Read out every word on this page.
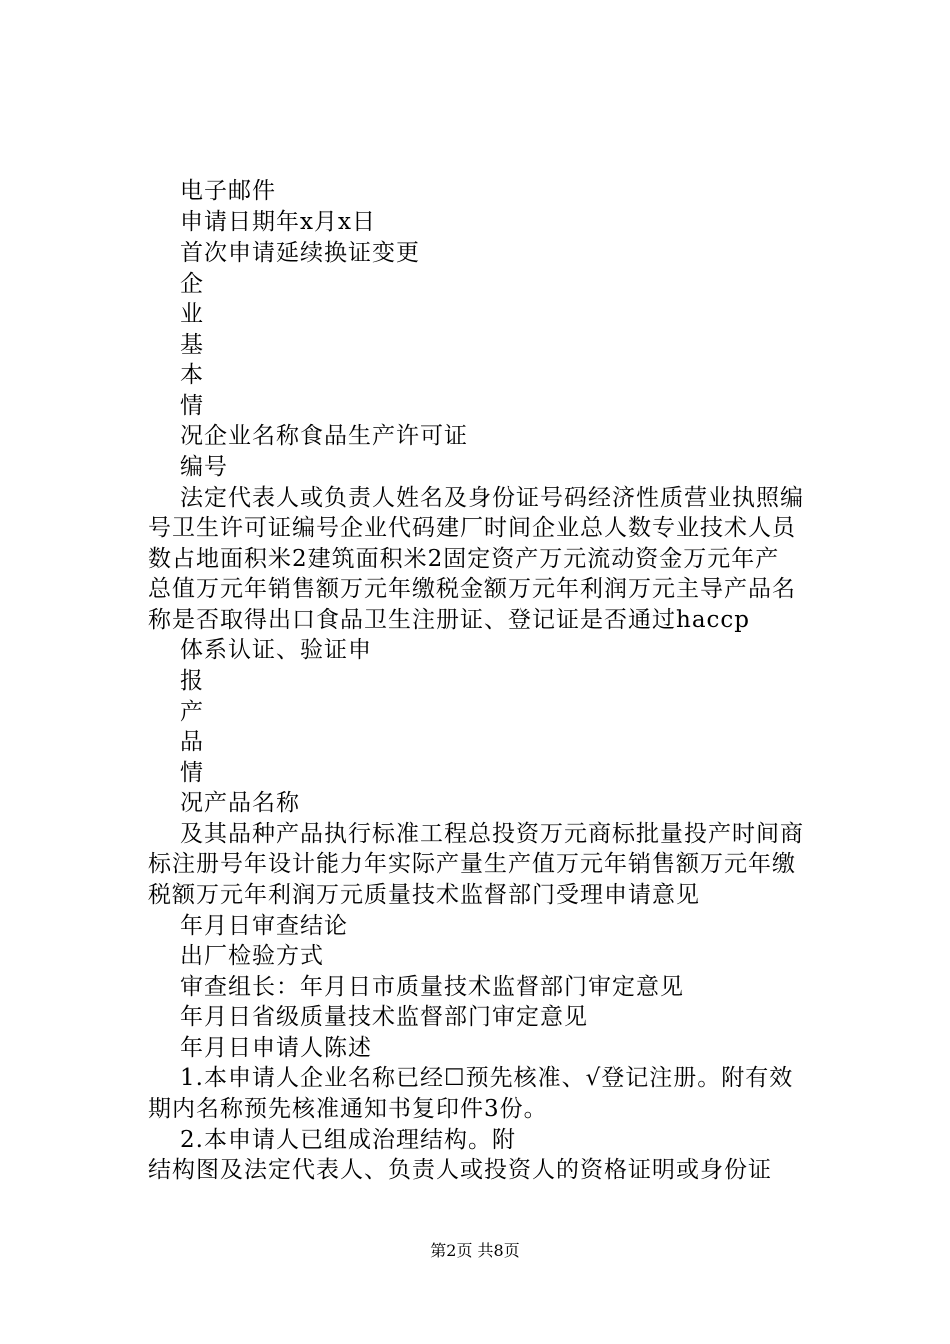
电子邮件
申请日期年x月x日
首次申请延续换证变更
企
业
基
本
情
况企业名称食品生产许可证
编号
法定代表人或负责人姓名及身份证号码经济性质营业执照编
号卫生许可证编号企业代码建厂时间企业总人数专业技术人员
数占地面积米2建筑面积米2固定资产万元流动资金万元年产
总值万元年销售额万元年缴税金额万元年利润万元主导产品名
称是否取得出口食品卫生注册证、登记证是否通过haccp
体系认证、验证申
报
产
品
情
况产品名称
及其品种产品执行标准工程总投资万元商标批量投产时间商
标注册号年设计能力年实际产量生产值万元年销售额万元年缴
税额万元年利润万元质量技术监督部门受理申请意见
年月日审查结论
出厂检验方式
审查组长：年月日市质量技术监督部门审定意见
年月日省级质量技术监督部门审定意见
年月日申请人陈述
1.本申请人企业名称已经☐预先核准、√登记注册。附有效
期内名称预先核准通知书复印件3份。
2.本申请人已组成治理结构。附
结构图及法定代表人、负责人或投资人的资格证明或身份证
第2页 共8页
